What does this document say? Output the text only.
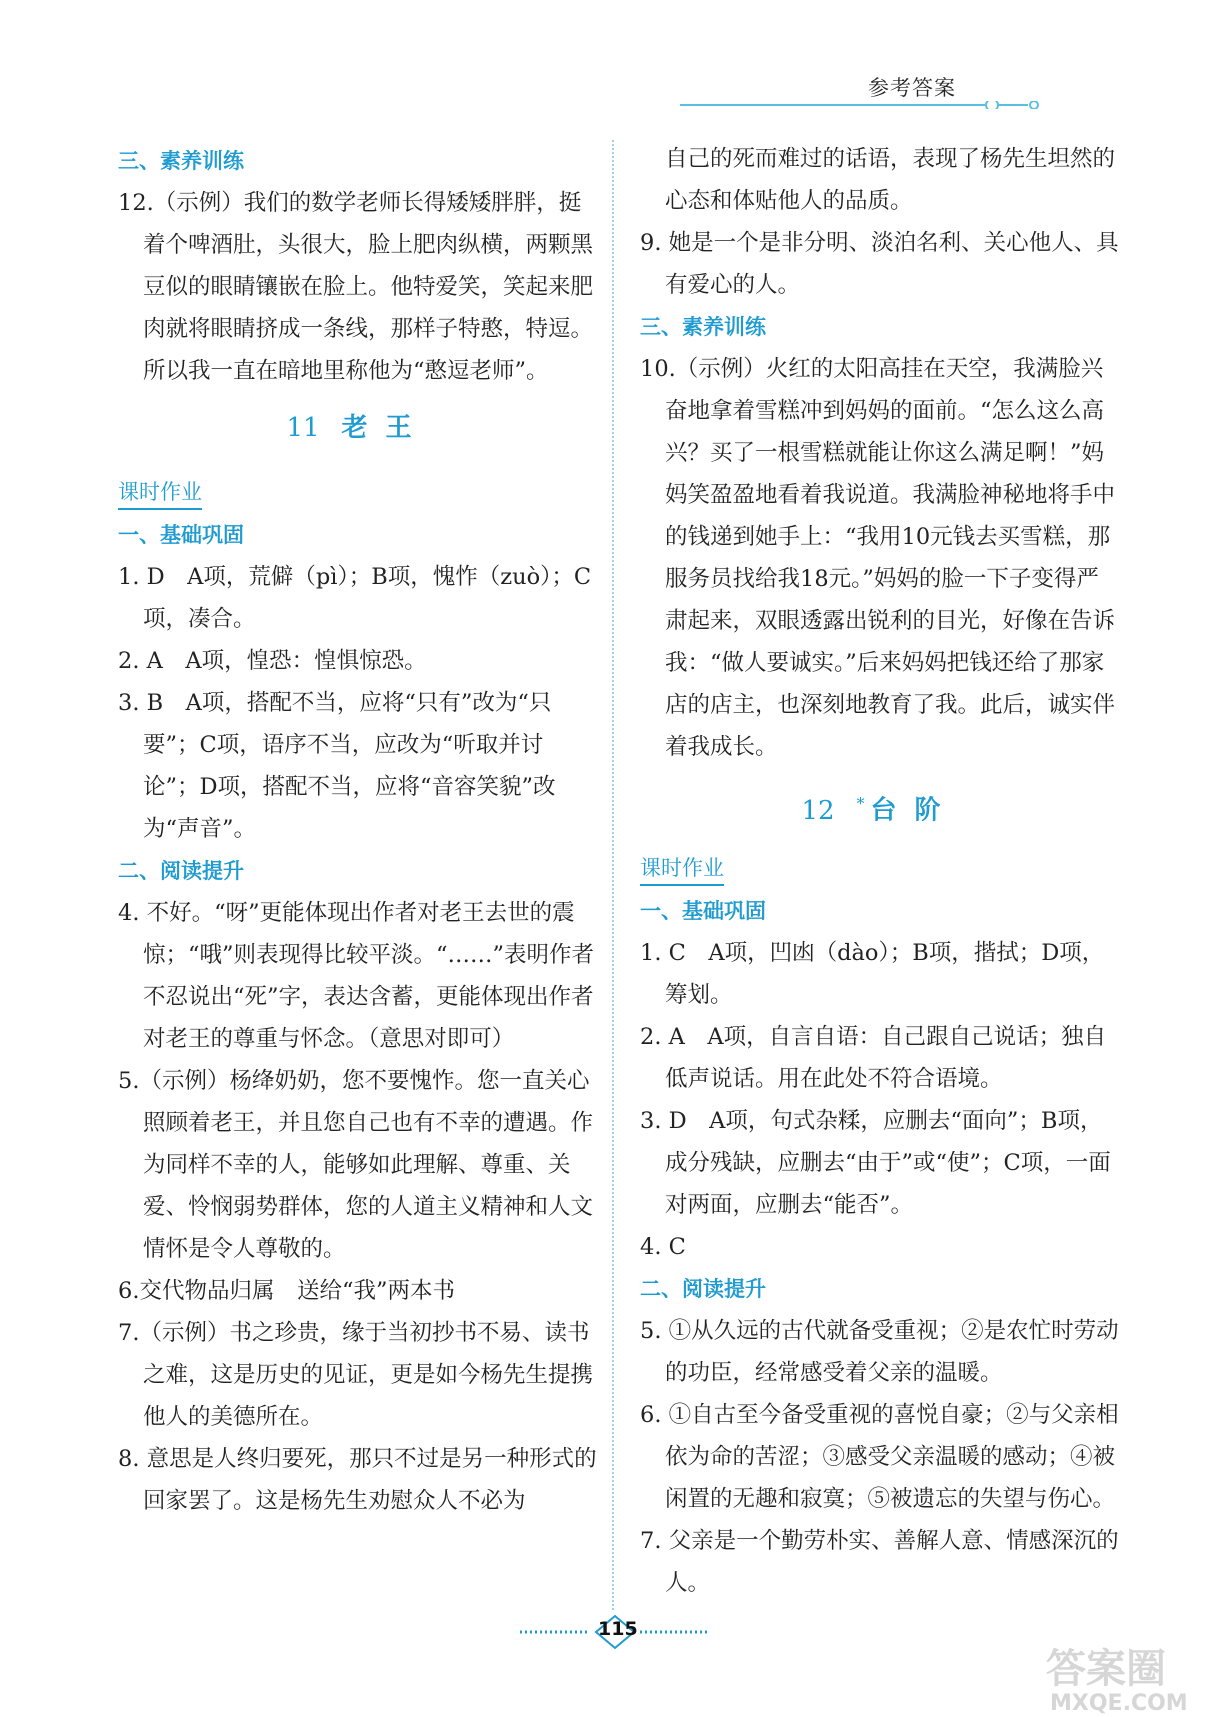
参考答案
三、素养训练

12.（示例）我们的数学老师长得矮矮胖胖，挺着个啤酒肚，头很大，脸上肥肉纵横，两颗黑豆似的眼睛镶嵌在脸上。他特爱笑，笑起来肥肉就将眼睛挤成一条线，那样子特憨，特逗。所以我一直在暗地里称他为“憨逗老师”。

11 老王
课时作业
一、基础巩固

1. D　A项，荒僻（pì）；B项，愧怍（zuò）；C项，凑合。

2. A　A项，惶恐：惶惧惊恐。

3. B　A项，搭配不当，应将“只有”改为“只要”；C项，语序不当，应改为“听取并讨论”；D项，搭配不当，应将“音容笑貌”改为“声音”。

二、阅读提升

4. 不好。“呀”更能体现出作者对老王去世的震惊；“哦”则表现得比较平淡。“……”表明作者不忍说出“死”字，表达含蓄，更能体现出作者对老王的尊重与怀念。（意思对即可）

5.（示例）杨绛奶奶，您不要愧怍。您一直关心照顾着老王，并且您自己也有不幸的遭遇。作为同样不幸的人，能够如此理解、尊重、关爱、怜悯弱势群体，您的人道主义精神和人文情怀是令人尊敬的。

6.交代物品归属　送给“我”两本书

7.（示例）书之珍贵，缘于当初抄书不易、读书之难，这是历史的见证，更是如今杨先生提携他人的美德所在。

8. 意思是人终归要死，那只不过是另一种形式的回家罢了。这是杨先生劝慰众人不必为

自己的死而难过的话语，表现了杨先生坦然的心态和体贴他人的品质。

9. 她是一个是非分明、淡泊名利、关心他人、具有爱心的人。

三、素养训练

10.（示例）火红的太阳高挂在天空，我满脸兴奋地拿着雪糕冲到妈妈的面前。“怎么这么高兴？买了一根雪糕就能让你这么满足啊！”妈妈笑盈盈地看着我说道。我满脸神秘地将手中的钱递到她手上：“我用10元钱去买雪糕，那服务员找给我18元。”妈妈的脸一下子变得严肃起来，双眼透露出锐利的目光，好像在告诉我：“做人要诚实。”后来妈妈把钱还给了那家店的店主，也深刻地教育了我。此后，诚实伴着我成长。

12 * 台阶
课时作业
一、基础巩固

1. C　A项，凹凼（dào）；B项，揩拭；D项，筹划。

2. A　A项，自言自语：自己跟自己说话；独自低声说话。用在此处不符合语境。

3. D　A项，句式杂糅，应删去“面向”；B项，成分残缺，应删去“由于”或“使”；C项，一面对两面，应删去“能否”。

4. C

二、阅读提升

5. ①从久远的古代就备受重视；②是农忙时劳动的功臣，经常感受着父亲的温暖。

6. ①自古至今备受重视的喜悦自豪；②与父亲相依为命的苦涩；③感受父亲温暖的感动；④被闲置的无趣和寂寞；⑤被遗忘的失望与伤心。

7. 父亲是一个勤劳朴实、善解人意、情感深沉的人。

115
答案圈
MXQE.COM
